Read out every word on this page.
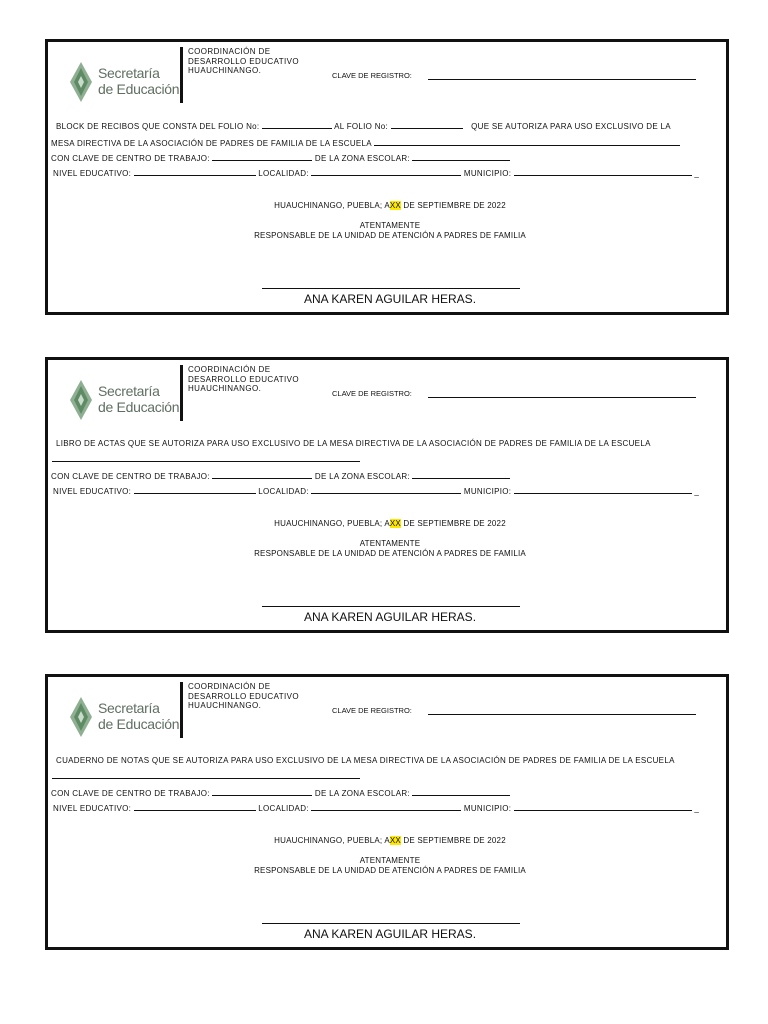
Secretaría
de Educación
COORDINACIÓN DE
DESARROLLO EDUCATIVO
HUAUCHINANGO.
CLAVE DE REGISTRO:
BLOCK DE RECIBOS QUE CONSTA DEL FOLIO No:	AL FOLIO No:	QUE SE AUTORIZA PARA USO EXCLUSIVO DE LA
MESA DIRECTIVA DE LA ASOCIACIÓN DE PADRES DE FAMILIA DE LA ESCUELA
CON CLAVE DE CENTRO DE TRABAJO:	DE LA ZONA ESCOLAR:
NIVEL EDUCATIVO:	LOCALIDAD:	MUNICIPIO:	_
HUAUCHINANGO, PUEBLA; AXX DE SEPTIEMBRE DE 2022
ATENTAMENTE
RESPONSABLE DE LA UNIDAD DE ATENCIÓN A PADRES DE FAMILIA
ANA KAREN AGUILAR HERAS.
Secretaría
de Educación
COORDINACIÓN DE
DESARROLLO EDUCATIVO
HUAUCHINANGO.
CLAVE DE REGISTRO:
LIBRO DE ACTAS QUE SE AUTORIZA PARA USO EXCLUSIVO DE LA MESA DIRECTIVA DE LA ASOCIACIÓN DE PADRES DE FAMILIA DE LA ESCUELA
CON CLAVE DE CENTRO DE TRABAJO:	DE LA ZONA ESCOLAR:
NIVEL EDUCATIVO:	LOCALIDAD:	MUNICIPIO:	_
HUAUCHINANGO, PUEBLA; AXX DE SEPTIEMBRE DE 2022
ATENTAMENTE
RESPONSABLE DE LA UNIDAD DE ATENCIÓN A PADRES DE FAMILIA
ANA KAREN AGUILAR HERAS.
Secretaría
de Educación
COORDINACIÓN DE
DESARROLLO EDUCATIVO
HUAUCHINANGO.
CLAVE DE REGISTRO:
CUADERNO DE NOTAS QUE SE AUTORIZA PARA USO EXCLUSIVO DE LA MESA DIRECTIVA DE LA ASOCIACIÓN DE PADRES DE FAMILIA DE LA ESCUELA
CON CLAVE DE CENTRO DE TRABAJO:	DE LA ZONA ESCOLAR:
NIVEL EDUCATIVO:	LOCALIDAD:	MUNICIPIO:	_
HUAUCHINANGO, PUEBLA; AXX DE SEPTIEMBRE DE 2022
ATENTAMENTE
RESPONSABLE DE LA UNIDAD DE ATENCIÓN A PADRES DE FAMILIA
ANA KAREN AGUILAR HERAS.
